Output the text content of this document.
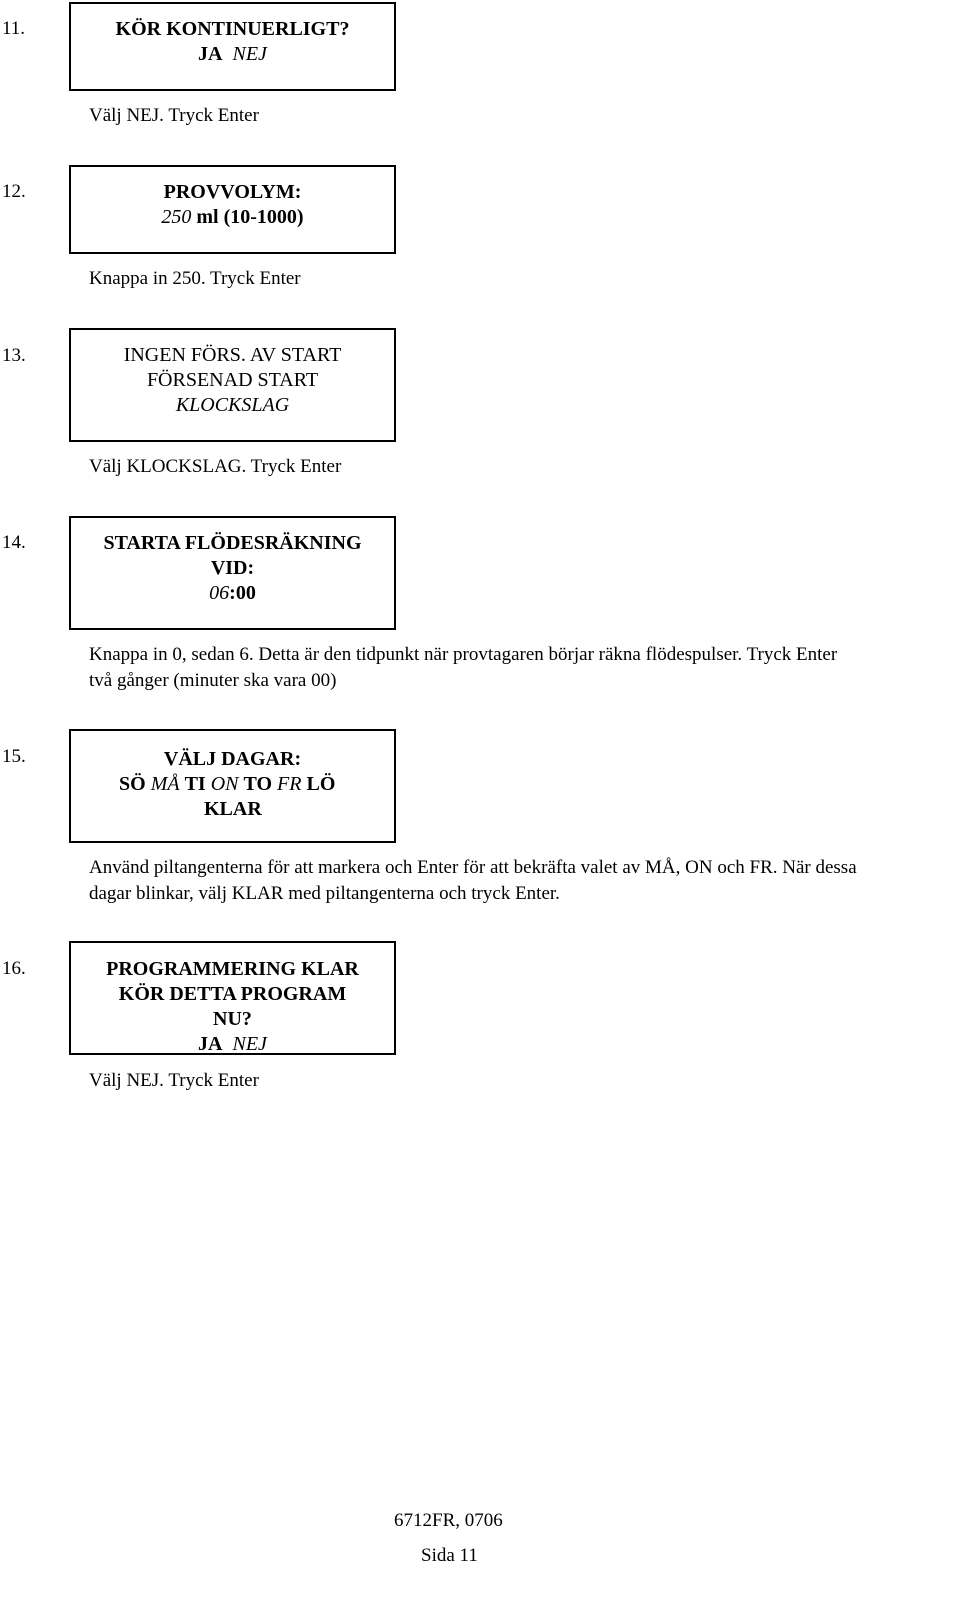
11.	KÖR KONTINUERLIGT?
JA NEJ
Välj NEJ. Tryck Enter
12.	PROVVOLYM:
250 ml (10-1000)
Knappa in 250. Tryck Enter
13.	INGEN FÖRS. AV START
FÖRSENAD START
KLOCKSLAG
Välj KLOCKSLAG. Tryck Enter
14.	STARTA FLÖDESRÄKNING
VID:
06:00
Knappa in 0, sedan 6. Detta är den tidpunkt när provtagaren börjar räkna flödespulser. Tryck Enter
två gånger (minuter ska vara 00)
15.	VÄLJ DAGAR:
SÖ MÅ TI ON TO FR LÖ
KLAR
Använd piltangenterna för att markera och Enter för att bekräfta valet av MÅ, ON och FR. När dessa
dagar blinkar, välj KLAR med piltangenterna och tryck Enter.
16.	PROGRAMMERING KLAR
KÖR DETTA PROGRAM
NU?
JA NEJ
Välj NEJ. Tryck Enter
6712FR, 0706
Sida 11
